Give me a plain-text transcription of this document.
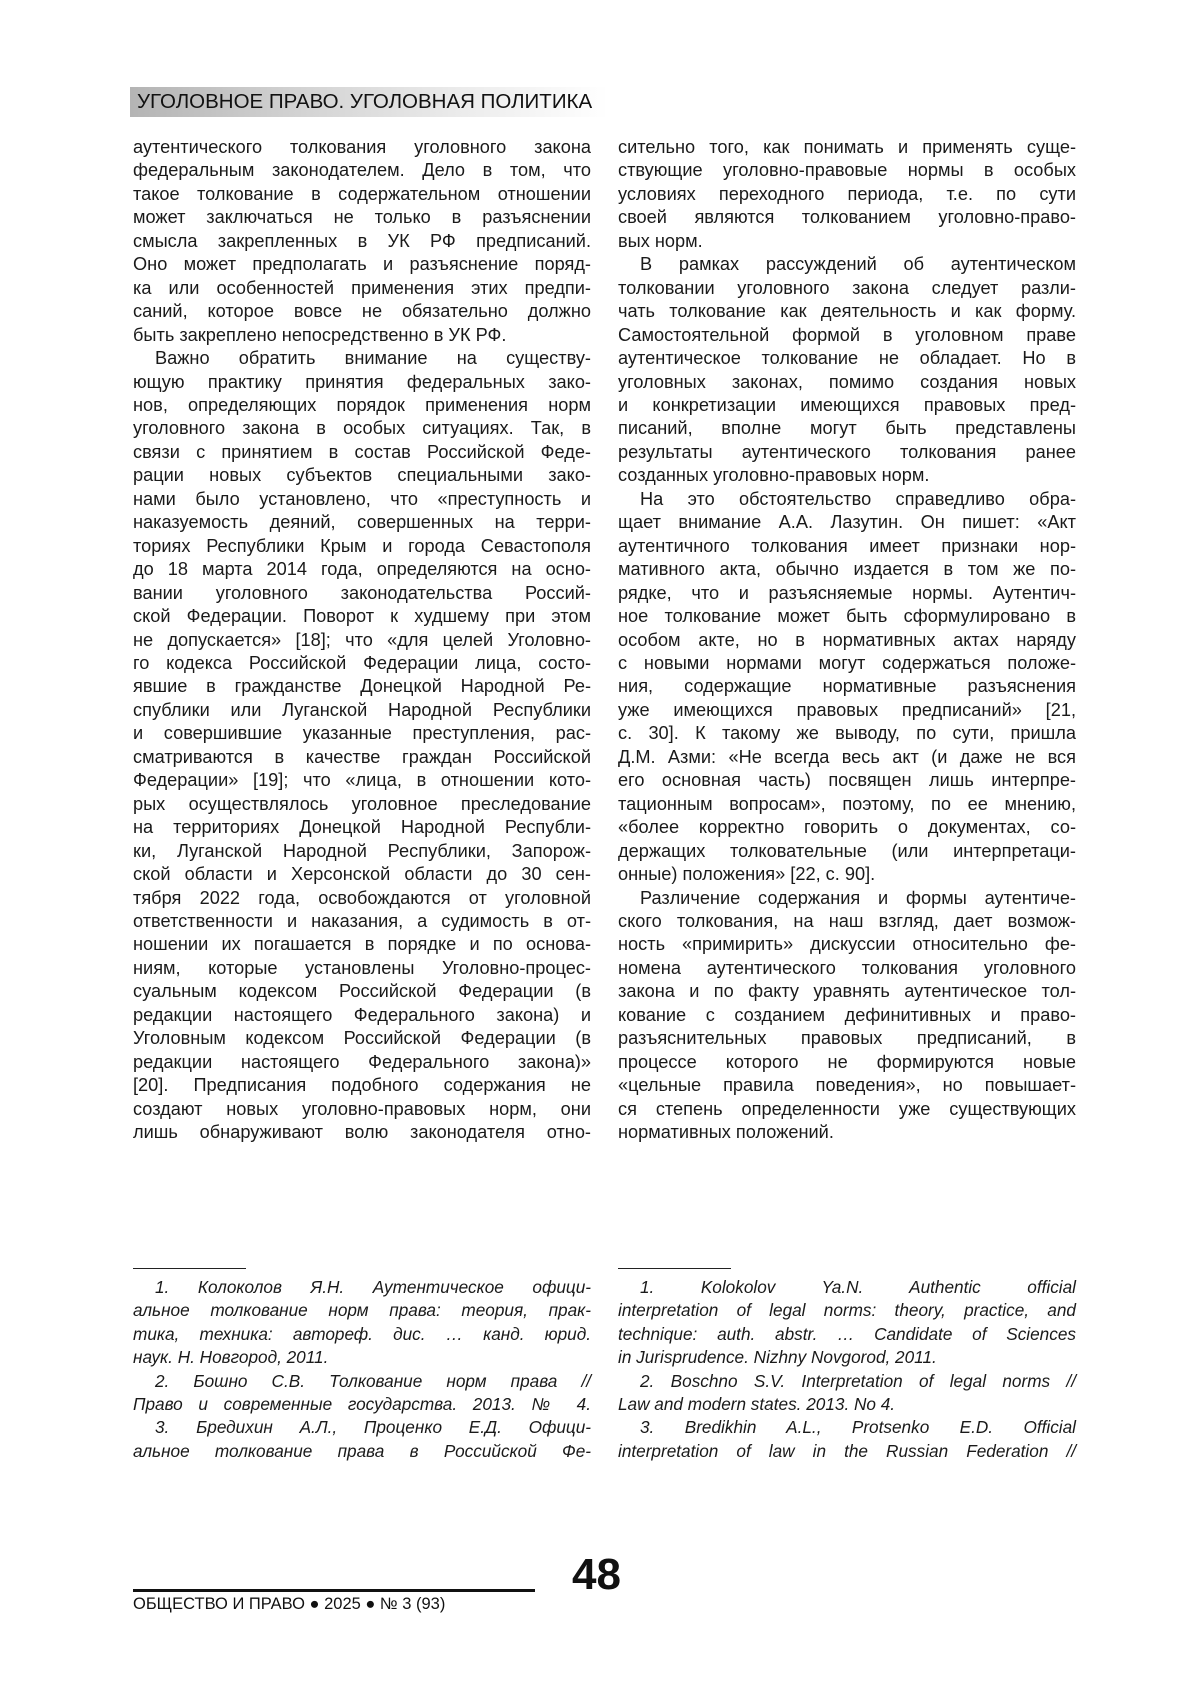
УГОЛОВНОЕ ПРАВО. УГОЛОВНАЯ ПОЛИТИКА
аутентического толкования уголовного закона
федеральным законодателем. Дело в том, что
такое толкование в содержательном отношении
может заключаться не только в разъяснении
смысла закрепленных в УК РФ предписаний.
Оно может предполагать и разъяснение поряд-
ка или особенностей применения этих предпи-
саний, которое вовсе не обязательно должно
быть закреплено непосредственно в УК РФ.
Важно обратить внимание на существу-
ющую практику принятия федеральных зако-
нов, определяющих порядок применения норм
уголовного закона в особых ситуациях. Так, в
связи с принятием в состав Российской Феде-
рации новых субъектов специальными зако-
нами было установлено, что «преступность и
наказуемость деяний, совершенных на терри-
ториях Республики Крым и города Севастополя
до 18 марта 2014 года, определяются на осно-
вании уголовного законодательства Россий-
ской Федерации. Поворот к худшему при этом
не допускается» [18]; что «для целей Уголовно-
го кодекса Российской Федерации лица, состо-
явшие в гражданстве Донецкой Народной Ре-
спублики или Луганской Народной Республики
и совершившие указанные преступления, рас-
сматриваются в качестве граждан Российской
Федерации» [19]; что «лица, в отношении кото-
рых осуществлялось уголовное преследование
на территориях Донецкой Народной Республи-
ки, Луганской Народной Республики, Запорож-
ской области и Херсонской области до 30 сен-
тября 2022 года, освобождаются от уголовной
ответственности и наказания, а судимость в от-
ношении их погашается в порядке и по основа-
ниям, которые установлены Уголовно-процес-
суальным кодексом Российской Федерации (в
редакции настоящего Федерального закона) и
Уголовным кодексом Российской Федерации (в
редакции настоящего Федерального закона)»
[20]. Предписания подобного содержания не
создают новых уголовно-правовых норм, они
лишь обнаруживают волю законодателя отно-
сительно того, как понимать и применять суще-
ствующие уголовно-правовые нормы в особых
условиях переходного периода, т.е. по сути
своей являются толкованием уголовно-право-
вых норм.
В рамках рассуждений об аутентическом
толковании уголовного закона следует разли-
чать толкование как деятельность и как форму.
Самостоятельной формой в уголовном праве
аутентическое толкование не обладает. Но в
уголовных законах, помимо создания новых
и конкретизации имеющихся правовых пред-
писаний, вполне могут быть представлены
результаты аутентического толкования ранее
созданных уголовно-правовых норм.
На это обстоятельство справедливо обра-
щает внимание А.А. Лазутин. Он пишет: «Акт
аутентичного толкования имеет признаки нор-
мативного акта, обычно издается в том же по-
рядке, что и разъясняемые нормы. Аутентич-
ное толкование может быть сформулировано в
особом акте, но в нормативных актах наряду
с новыми нормами могут содержаться положе-
ния, содержащие нормативные разъяснения
уже имеющихся правовых предписаний» [21,
с. 30]. К такому же выводу, по сути, пришла
Д.М. Азми: «Не всегда весь акт (и даже не вся
его основная часть) посвящен лишь интерпре-
тационным вопросам», поэтому, по ее мнению,
«более корректно говорить о документах, со-
держащих толковательные (или интерпретаци-
онные) положения» [22, с. 90].
Различение содержания и формы аутентиче-
ского толкования, на наш взгляд, дает возмож-
ность «примирить» дискуссии относительно фе-
номена аутентического толкования уголовного
закона и по факту уравнять аутентическое тол-
кование с созданием дефинитивных и право-
разъяснительных правовых предписаний, в
процессе которого не формируются новые
«цельные правила поведения», но повышает-
ся степень определенности уже существующих
нормативных положений.
1. Колоколов Я.Н. Аутентическое офици-
альное толкование норм права: теория, прак-
тика, техника: автореф. дис. … канд. юрид.
наук. Н. Новгород, 2011.
2. Бошно С.В. Толкование норм права //
Право и современные государства. 2013. № 4.
3. Бредихин А.Л., Проценко Е.Д. Офици-
альное толкование права в Российской Фе-
1. Kolokolov Ya.N. Authentic official
interpretation of legal norms: theory, practice, and
technique: auth. abstr. … Candidate of Sciences
in Jurisprudence. Nizhny Novgorod, 2011.
2. Boschno S.V. Interpretation of legal norms //
Law and modern states. 2013. No 4.
3. Bredikhin A.L., Protsenko E.D. Official
interpretation of law in the Russian Federation //
ОБЩЕСТВО И ПРАВО ● 2025 ● № 3 (93)
48
